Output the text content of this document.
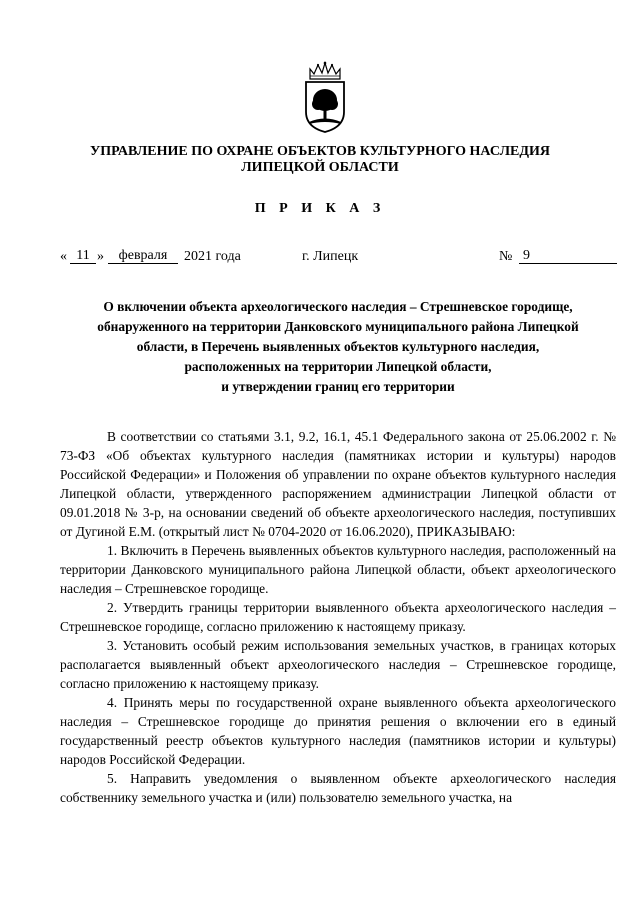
УПРАВЛЕНИЕ ПО ОХРАНЕ ОБЪЕКТОВ КУЛЬТУРНОГО НАСЛЕДИЯ
ЛИПЕЦКОЙ ОБЛАСТИ
П Р И К А З
« 11 »	февраля	2021 года	г. Липецк	№ 9
О включении объекта археологического наследия – Стрешневское городище,
обнаруженного на территории Данковского муниципального района Липецкой
области, в Перечень выявленных объектов культурного наследия,
расположенных на территории Липецкой области,
и утверждении границ его территории

В соответствии со статьями 3.1, 9.2, 16.1, 45.1 Федерального закона от 25.06.2002 г. № 73-ФЗ «Об объектах культурного наследия (памятниках истории и культуры) народов Российской Федерации» и Положения об управлении по охране объектов культурного наследия Липецкой области, утвержденного распоряжением администрации Липецкой области от 09.01.2018 № 3-р, на основании сведений об объекте археологического наследия, поступивших от Дугиной Е.М. (открытый лист № 0704-2020 от 16.06.2020), ПРИКАЗЫВАЮ:

1. Включить в Перечень выявленных объектов культурного наследия, расположенный на территории Данковского муниципального района Липецкой области, объект археологического наследия – Стрешневское городище.

2. Утвердить границы территории выявленного объекта археологического наследия – Стрешневское городище, согласно приложению к настоящему приказу.

3. Установить особый режим использования земельных участков, в границах которых располагается выявленный объект археологического наследия – Стрешневское городище, согласно приложению к настоящему приказу.

4. Принять меры по государственной охране выявленного объекта археологического наследия – Стрешневское городище до принятия решения о включении его в единый государственный реестр объектов культурного наследия (памятников истории и культуры) народов Российской Федерации.

5. Направить уведомления о выявленном объекте археологического наследия собственнику земельного участка и (или) пользователю земельного участка, на
